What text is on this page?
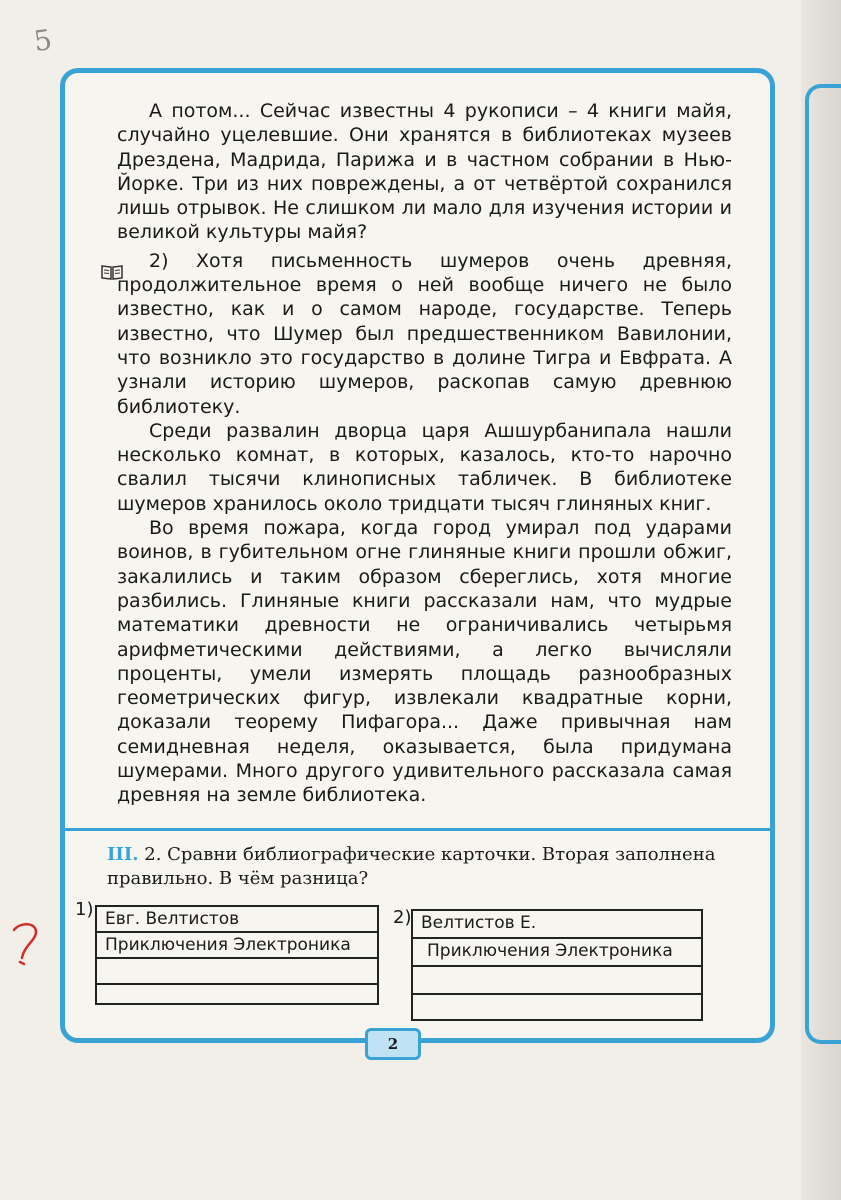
5

А потом... Сейчас известны 4 рукописи – 4 книги майя, случайно уцелевшие. Они хранятся в библиотеках музеев Дрездена, Мадрида, Парижа и в частном собрании в Нью-Йорке. Три из них повреждены, а от четвёртой сохранился лишь отрывок. Не слишком ли мало для изучения истории и великой культуры майя?

2) Хотя письменность шумеров очень древняя, продолжительное время о ней вообще ничего не было известно, как и о самом народе, государстве. Теперь известно, что Шумер был предшественником Вавилонии, что возникло это государство в долине Тигра и Евфрата. А узнали историю шумеров, раскопав самую древнюю библиотеку.

Среди развалин дворца царя Ашшурбанипала нашли несколько комнат, в которых, казалось, кто-то нарочно свалил тысячи клинописных табличек. В библиотеке шумеров хранилось около тридцати тысяч глиняных книг.

Во время пожара, когда город умирал под ударами воинов, в губительном огне глиняные книги прошли обжиг, закалились и таким образом сберeглись, хотя многие разбились. Глиняные книги рассказали нам, что мудрые математики древности не ограничивались четырьмя арифметическими действиями, а легко вычисляли проценты, умели измерять площадь разнообразных геометрических фигур, извлекали квадратные корни, доказали теорему Пифагора... Даже привычная нам семидневная неделя, оказывается, была придумана шумерами. Много другого удивительного рассказала самая древняя на земле библиотека.

III. 2. Сравни библиографические карточки. Вторая заполнена правильно. В чём разница?
1) Евг. Велтистов
Приключения Электроника
2) Велтистов Е.
Приключения Электроника
2
